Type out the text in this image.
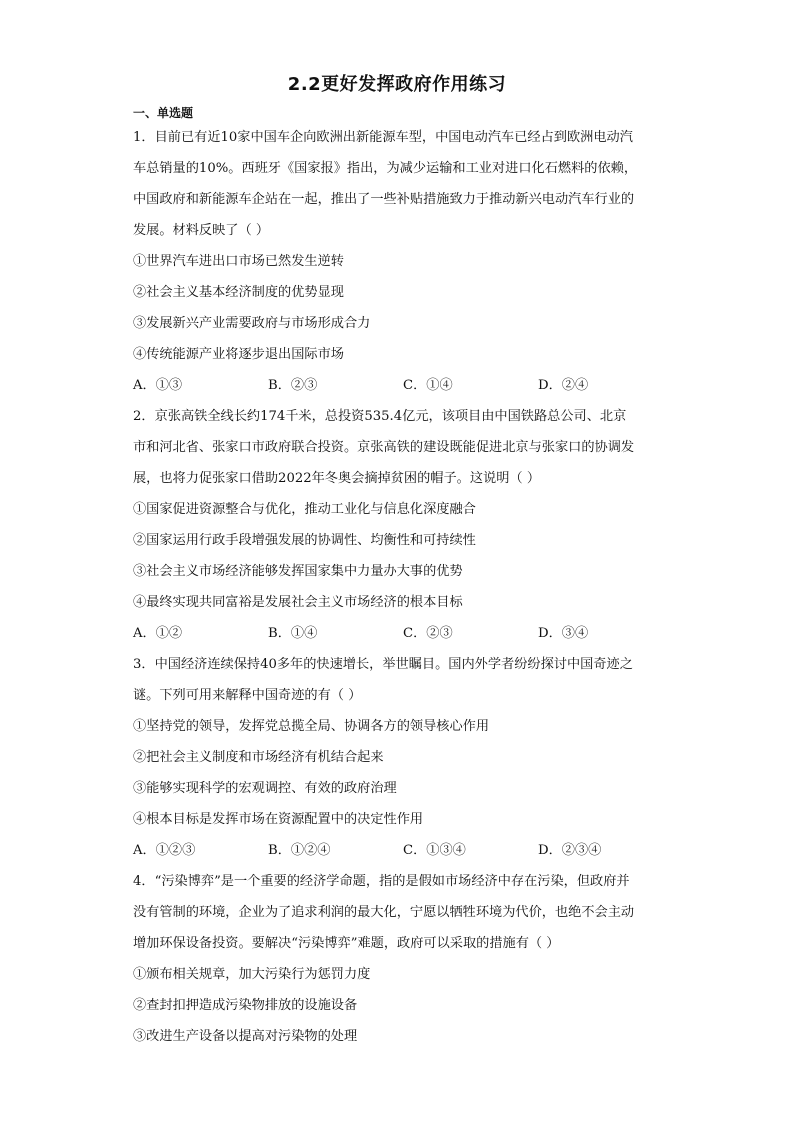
2.2更好发挥政府作用练习
一、单选题
1．目前已有近10家中国车企向欧洲出新能源车型，中国电动汽车已经占到欧洲电动汽
车总销量的10%。西班牙《国家报》指出，为减少运输和工业对进口化石燃料的依赖，
中国政府和新能源车企站在一起，推出了一些补贴措施致力于推动新兴电动汽车行业的
发展。材料反映了（ ）
①世界汽车进出口市场已然发生逆转
②社会主义基本经济制度的优势显现
③发展新兴产业需要政府与市场形成合力
④传统能源产业将逐步退出国际市场
A．①③	B．②③	C．①④	D．②④
2．京张高铁全线长约174千米，总投资535.4亿元，该项目由中国铁路总公司、北京
市和河北省、张家口市政府联合投资。京张高铁的建设既能促进北京与张家口的协调发
展，也将力促张家口借助2022年冬奥会摘掉贫困的帽子。这说明（ ）
①国家促进资源整合与优化，推动工业化与信息化深度融合
②国家运用行政手段增强发展的协调性、均衡性和可持续性
③社会主义市场经济能够发挥国家集中力量办大事的优势
④最终实现共同富裕是发展社会主义市场经济的根本目标
A．①②	B．①④	C．②③	D．③④
3．中国经济连续保持40多年的快速增长，举世瞩目。国内外学者纷纷探讨中国奇迹之
谜。下列可用来解释中国奇迹的有（ ）
①坚持党的领导，发挥党总揽全局、协调各方的领导核心作用
②把社会主义制度和市场经济有机结合起来
③能够实现科学的宏观调控、有效的政府治理
④根本目标是发挥市场在资源配置中的决定性作用
A．①②③	B．①②④	C．①③④	D．②③④
4．“污染博弈”是一个重要的经济学命题，指的是假如市场经济中存在污染，但政府并
没有管制的环境，企业为了追求利润的最大化，宁愿以牺牲环境为代价，也绝不会主动
增加环保设备投资。要解决“污染博弈”难题，政府可以采取的措施有（ ）
①颁布相关规章，加大污染行为惩罚力度
②查封扣押造成污染物排放的设施设备
③改进生产设备以提高对污染物的处理
